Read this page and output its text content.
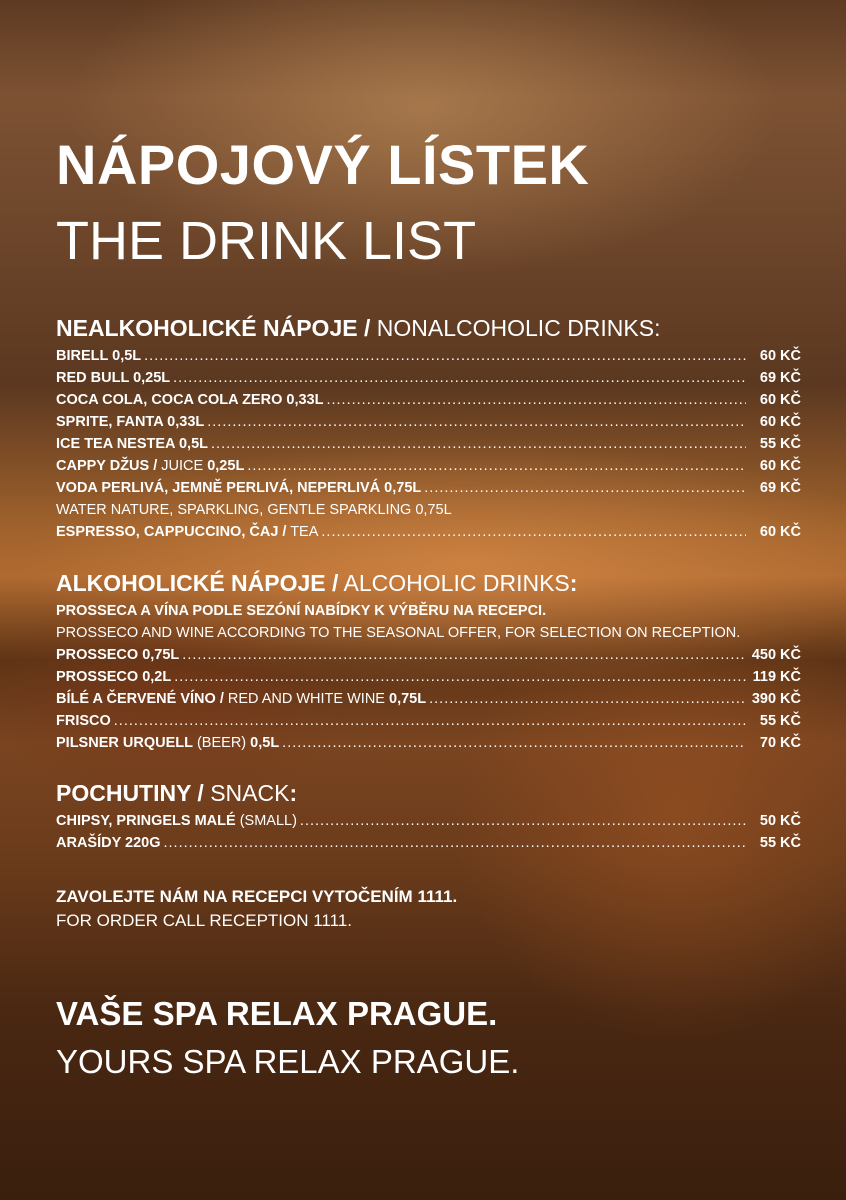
NÁPOJOVÝ LÍSTEK
THE DRINK LIST
NEALKOHOLICKÉ NÁPOJE / NONALCOHOLIC DRINKS:
BIRELL 0,5L .....	60 KČ
RED BULL 0,25L .....	69 KČ
COCA COLA, COCA COLA ZERO 0,33L .....	60 KČ
SPRITE, FANTA 0,33L .....	60 KČ
ICE TEA NESTEA 0,5L .....	55 KČ
CAPPY DŽUS / JUICE 0,25L .....	60 KČ
VODA PERLIVÁ, JEMNĚ PERLIVÁ, NEPERLIVÁ 0,75L .....	69 KČ
WATER NATURE, SPARKLING, GENTLE SPARKLING 0,75L
ESPRESSO, CAPPUCCINO, ČAJ / TEA .....	60 KČ
ALKOHOLICKÉ NÁPOJE / ALCOHOLIC DRINKS:
PROSSECA A VÍNA PODLE SEZÓNÍ NABÍDKY K VÝBĚRU NA RECEPCI.
PROSSECO AND WINE ACCORDING TO THE SEASONAL OFFER, FOR SELECTION ON RECEPTION.
PROSSECO 0,75L .....	450 KČ
PROSSECO 0,2L .....	119 KČ
BÍLÉ A ČERVENÉ VÍNO / RED AND WHITE WINE 0,75L .....	390 KČ
FRISCO .....	55 KČ
PILSNER URQUELL (BEER) 0,5L .....	70 KČ
POCHUTINY / SNACK:
CHIPSY, PRINGELS MALÉ (SMALL) .....	50 KČ
ARAŠÍDY 220G .....	55 KČ
ZAVOLEJTE NÁM NA RECEPCI VYTOČENÍM 1111.
FOR ORDER CALL RECEPTION 1111.
VAŠE SPA RELAX PRAGUE.
YOURS SPA RELAX PRAGUE.
